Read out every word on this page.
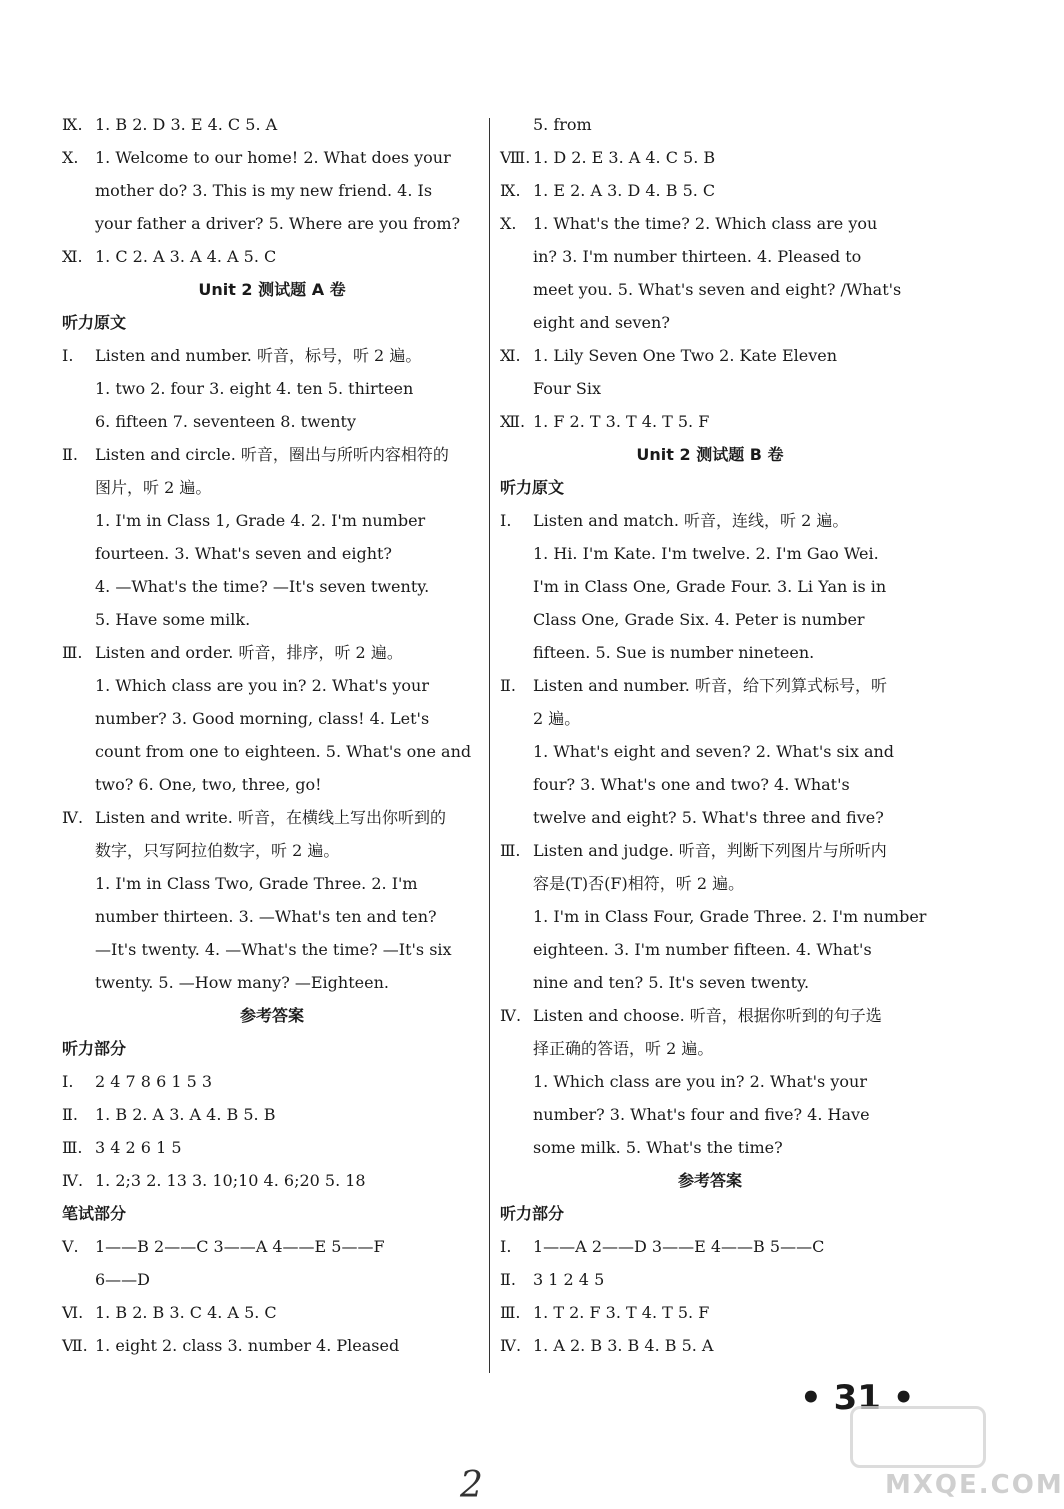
Ⅸ. 1. B 2. D 3. E 4. C 5. A
Ⅹ. 1. Welcome to our home! 2. What does your
mother do? 3. This is my new friend. 4. Is
your father a driver? 5. Where are you from?
Ⅺ. 1. C 2. A 3. A 4. A 5. C
Unit 2 测试题 A 卷
听力原文
Ⅰ. Listen and number. 听音，标号，听 2 遍。
1. two 2. four 3. eight 4. ten 5. thirteen
6. fifteen 7. seventeen 8. twenty
Ⅱ. Listen and circle. 听音，圈出与所听内容相符的
图片，听 2 遍。
1. I'm in Class 1, Grade 4. 2. I'm number
fourteen. 3. What's seven and eight?
4. —What's the time? —It's seven twenty.
5. Have some milk.
Ⅲ. Listen and order. 听音，排序，听 2 遍。
1. Which class are you in? 2. What's your
number? 3. Good morning, class! 4. Let's
count from one to eighteen. 5. What's one and
two? 6. One, two, three, go!
Ⅳ. Listen and write. 听音，在横线上写出你听到的
数字，只写阿拉伯数字，听 2 遍。
1. I'm in Class Two, Grade Three. 2. I'm
number thirteen. 3. —What's ten and ten?
—It's twenty. 4. —What's the time? —It's six
twenty. 5. —How many? —Eighteen.
参考答案
听力部分
Ⅰ. 2 4 7 8 6 1 5 3
Ⅱ. 1. B 2. A 3. A 4. B 5. B
Ⅲ. 3 4 2 6 1 5
Ⅳ. 1. 2;3 2. 13 3. 10;10 4. 6;20 5. 18
笔试部分
Ⅴ. 1——B 2——C 3——A 4——E 5——F
6——D
Ⅵ. 1. B 2. B 3. C 4. A 5. C
Ⅶ. 1. eight 2. class 3. number 4. Pleased
5. from
Ⅷ. 1. D 2. E 3. A 4. C 5. B
Ⅸ. 1. E 2. A 3. D 4. B 5. C
Ⅹ. 1. What's the time? 2. Which class are you
in? 3. I'm number thirteen. 4. Pleased to
meet you. 5. What's seven and eight? /What's
eight and seven?
Ⅺ. 1. Lily Seven One Two 2. Kate Eleven
Four Six
Ⅻ. 1. F 2. T 3. T 4. T 5. F
Unit 2 测试题 B 卷
听力原文
Ⅰ. Listen and match. 听音，连线，听 2 遍。
1. Hi. I'm Kate. I'm twelve. 2. I'm Gao Wei.
I'm in Class One, Grade Four. 3. Li Yan is in
Class One, Grade Six. 4. Peter is number
fifteen. 5. Sue is number nineteen.
Ⅱ. Listen and number. 听音，给下列算式标号，听
2 遍。
1. What's eight and seven? 2. What's six and
four? 3. What's one and two? 4. What's
twelve and eight? 5. What's three and five?
Ⅲ. Listen and judge. 听音，判断下列图片与所听内
容是(T)否(F)相符，听 2 遍。
1. I'm in Class Four, Grade Three. 2. I'm number
eighteen. 3. I'm number fifteen. 4. What's
nine and ten? 5. It's seven twenty.
Ⅳ. Listen and choose. 听音，根据你听到的句子选
择正确的答语，听 2 遍。
1. Which class are you in? 2. What's your
number? 3. What's four and five? 4. Have
some milk. 5. What's the time?
参考答案
听力部分
Ⅰ. 1——A 2——D 3——E 4——B 5——C
Ⅱ. 3 1 2 4 5
Ⅲ. 1. T 2. F 3. T 4. T 5. F
Ⅳ. 1. A 2. B 3. B 4. B 5. A
• 31 •
2	MXQE.COM
